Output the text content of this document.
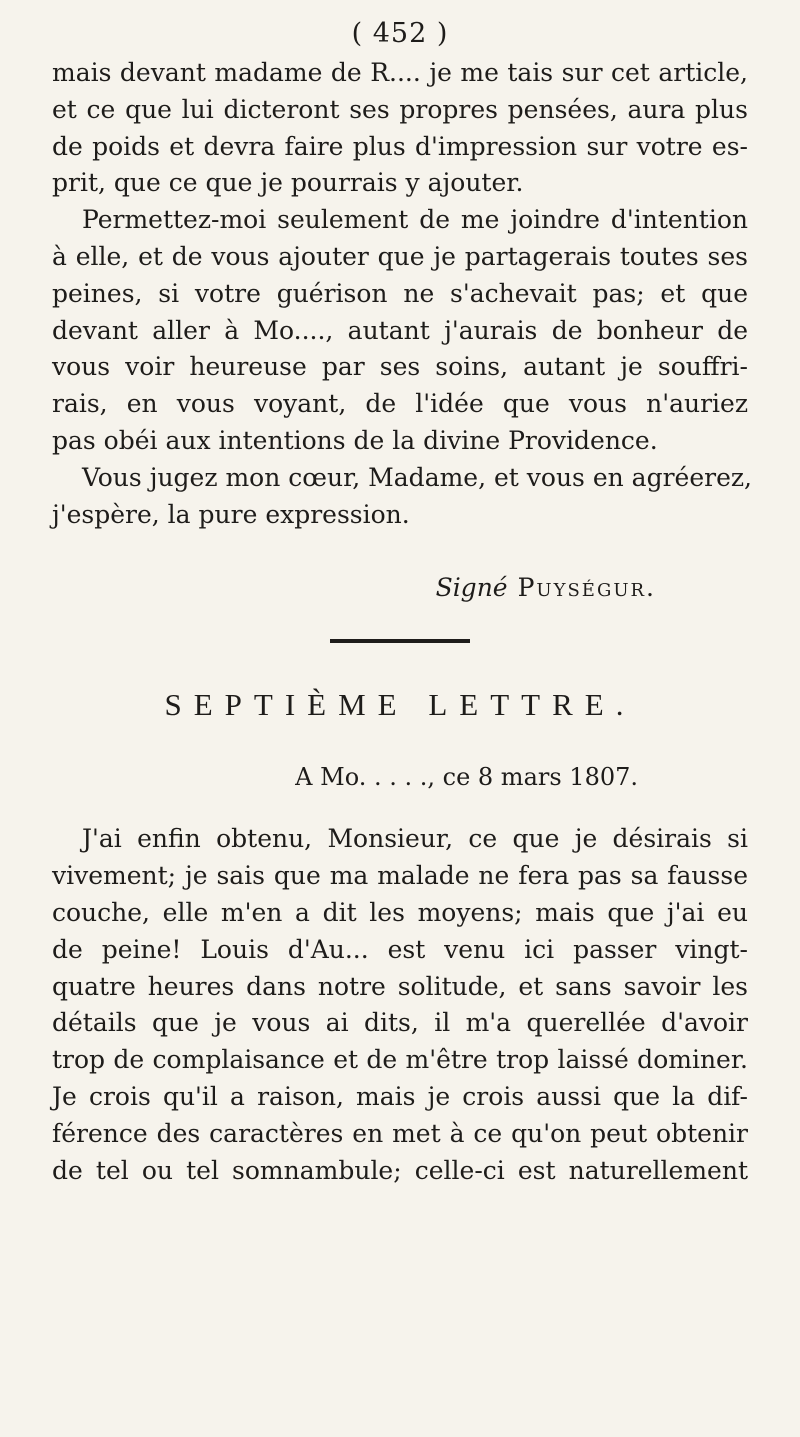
( 452 )

mais devant madame de R.... je me tais sur cet article,
et ce que lui dicteront ses propres pensées, aura plus
de poids et devra faire plus d'impression sur votre es-
prit, que ce que je pourrais y ajouter.

Permettez-moi seulement de me joindre d'intention
à elle, et de vous ajouter que je partagerais toutes ses
peines, si votre guérison ne s'achevait pas; et que
devant aller à Mo...., autant j'aurais de bonheur de
vous voir heureuse par ses soins, autant je souffri-
rais, en vous voyant, de l'idée que vous n'auriez
pas obéi aux intentions de la divine Providence.

Vous jugez mon cœur, Madame, et vous en agréerez,
j'espère, la pure expression.

Signé Puységur.
SEPTIÈME LETTRE.
A Mo. . . . ., ce 8 mars 1807.

J'ai enfin obtenu, Monsieur, ce que je désirais si
vivement; je sais que ma malade ne fera pas sa fausse
couche, elle m'en a dit les moyens; mais que j'ai eu
de peine! Louis d'Au... est venu ici passer vingt-
quatre heures dans notre solitude, et sans savoir les
détails que je vous ai dits, il m'a querellée d'avoir
trop de complaisance et de m'être trop laissé dominer.
Je crois qu'il a raison, mais je crois aussi que la dif-
férence des caractères en met à ce qu'on peut obtenir
de tel ou tel somnambule; celle-ci est naturellement
